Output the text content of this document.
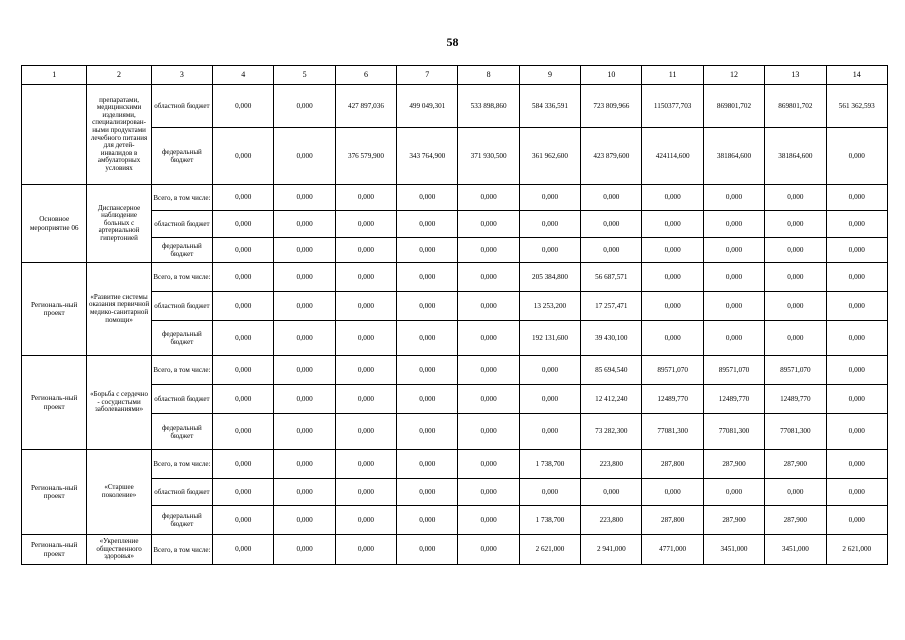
58
1	2	3	4	5	6	7	8	9	10	11	12	13	14
	препаратами, медицинскими изделиями, специализирован-ными продуктами лечебного питания для детей-инвалидов в амбулаторных условиях	областной бюджет	0,000	0,000	427 897,036	499 049,301	533 898,860	584 336,591	723 809,966	1150377,703	869801,702	869801,702	561 362,593
		федеральный бюджет	0,000	0,000	376 579,900	343 764,900	371 930,500	361 962,600	423 879,600	424114,600	381864,600	381864,600	0,000
Основное мероприятие 06	Диспансерное наблюдение больных с артериальной гипертонией	Всего, в том числе:	0,000	0,000	0,000	0,000	0,000	0,000	0,000	0,000	0,000	0,000	0,000
		областной бюджет	0,000	0,000	0,000	0,000	0,000	0,000	0,000	0,000	0,000	0,000	0,000
		федеральный бюджет	0,000	0,000	0,000	0,000	0,000	0,000	0,000	0,000	0,000	0,000	0,000
Региональ-ный проект	«Развитие системы оказания первичной медико-санитарной помощи»	Всего, в том числе:	0,000	0,000	0,000	0,000	0,000	205 384,800	56 687,571	0,000	0,000	0,000	0,000
		областной бюджет	0,000	0,000	0,000	0,000	0,000	13 253,200	17 257,471	0,000	0,000	0,000	0,000
		федеральный бюджет	0,000	0,000	0,000	0,000	0,000	192 131,600	39 430,100	0,000	0,000	0,000	0,000
Региональ-ный проект	«Борьба с сердечно - сосудистыми заболеваниями»	Всего, в том числе:	0,000	0,000	0,000	0,000	0,000	0,000	85 694,540	89571,070	89571,070	89571,070	0,000
		областной бюджет	0,000	0,000	0,000	0,000	0,000	0,000	12 412,240	12489,770	12489,770	12489,770	0,000
		федеральный бюджет	0,000	0,000	0,000	0,000	0,000	0,000	73 282,300	77081,300	77081,300	77081,300	0,000
Региональ-ный проект	«Старшее поколение»	Всего, в том числе:	0,000	0,000	0,000	0,000	0,000	1 738,700	223,800	287,800	287,900	287,900	0,000
		областной бюджет	0,000	0,000	0,000	0,000	0,000	0,000	0,000	0,000	0,000	0,000	0,000
		федеральный бюджет	0,000	0,000	0,000	0,000	0,000	1 738,700	223,800	287,800	287,900	287,900	0,000
Региональ-ный проект	«Укрепление общественного здоровья»	Всего, в том числе:	0,000	0,000	0,000	0,000	0,000	2 621,000	2 941,000	4771,000	3451,000	3451,000	2 621,000
